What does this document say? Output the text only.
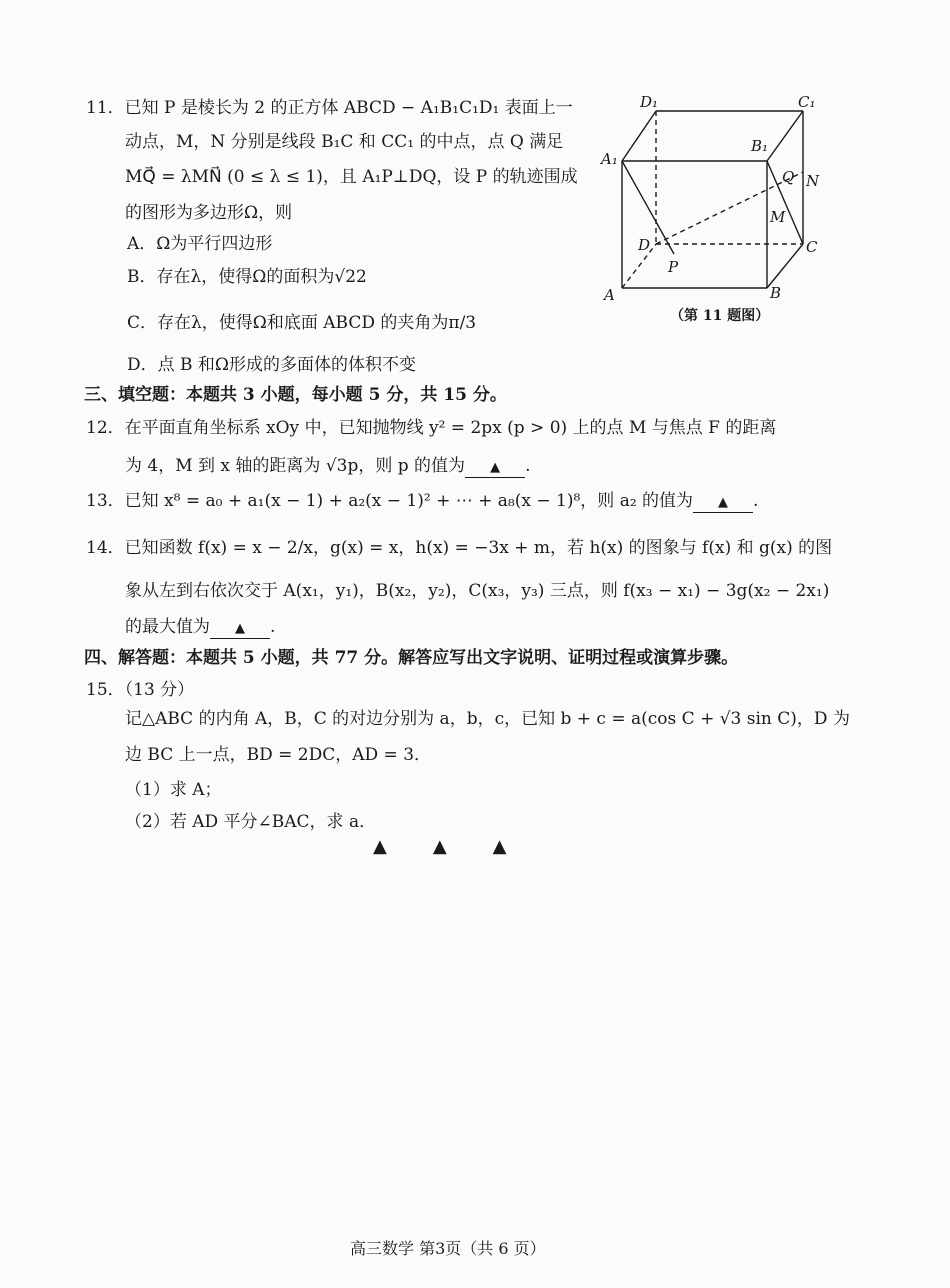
11．已知 P 是棱长为 2 的正方体 ABCD − A₁B₁C₁D₁ 表面上一
动点，M，N 分别是线段 B₁C 和 CC₁ 的中点，点 Q 满足
MQ⃗ = λMN⃗ (0 ≤ λ ≤ 1)，且 A₁P⊥DQ，设 P 的轨迹围成
的图形为多边形Ω，则
A．Ω为平行四边形
B．存在λ，使得Ω的面积为√22
C．存在λ，使得Ω和底面 ABCD 的夹角为π/3
D．点 B 和Ω形成的多面体的体积不变
D₁	C₁
A₁
B₁
Q N
M
D	C
P
A	B
（第 11 题图）
三、填空题：本题共 3 小题，每小题 5 分，共 15 分。
12．在平面直角坐标系 xOy 中，已知抛物线 y² = 2px (p > 0) 上的点 M 与焦点 F 的距离
为 4，M 到 x 轴的距离为 √3p，则 p 的值为 ▲ .
13．已知 x⁸ = a₀ + a₁(x − 1) + a₂(x − 1)² + ⋯ + a₈(x − 1)⁸，则 a₂ 的值为 ▲ .
14．已知函数 f(x) = x − 2/x，g(x) = x，h(x) = −3x + m，若 h(x) 的图象与 f(x) 和 g(x) 的图
象从左到右依次交于 A(x₁，y₁)，B(x₂，y₂)，C(x₃，y₃) 三点，则 f(x₃ − x₁) − 3g(x₂ − 2x₁)
的最大值为 ▲ .
四、解答题：本题共 5 小题，共 77 分。解答应写出文字说明、证明过程或演算步骤。
15．（13 分）
记△ABC 的内角 A，B，C 的对边分别为 a，b，c，已知 b + c = a(cos C + √3 sin C)，D 为
边 BC 上一点，BD = 2DC，AD = 3．
（1）求 A；
（2）若 AD 平分∠BAC，求 a．
▲▲▲
高三数学 第3页（共 6 页）
